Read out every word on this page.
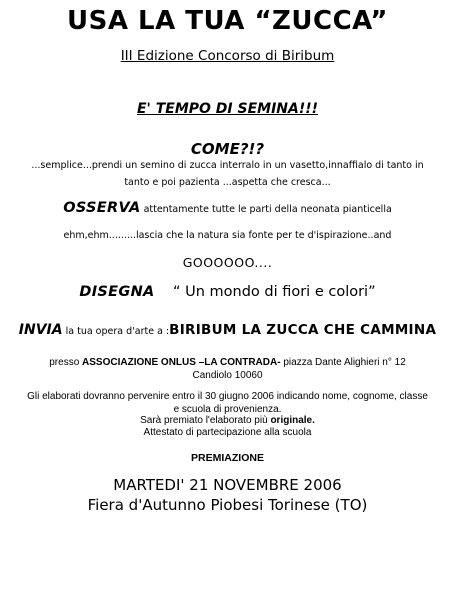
USA LA TUA “ZUCCA”
III Edizione Concorso di Biribum
E' TEMPO DI SEMINA!!!
COME?!?
...semplice...prendi un semino di zucca interralo in un vasetto,innaffialo di tanto in
tanto e poi pazienta ...aspetta che cresca...
OSSERVA attentamente tutte le parti della neonata pianticella
ehm,ehm.........lascia che la natura sia fonte per te d'ispirazione..and
GOOOOOO....
DISEGNA “ Un mondo di fiori e colori”
INVIA la tua opera d'arte a :BIRIBUM LA ZUCCA CHE CAMMINA
presso ASSOCIAZIONE ONLUS –LA CONTRADA- piazza Dante Alighieri n° 12
Candiolo 10060
Gli elaborati dovranno pervenire entro il 30 giugno 2006 indicando nome, cognome, classe
e scuola di provenienza.
Sarà premiato l'elaborato più originale.
Attestato di partecipazione alla scuola
PREMIAZIONE
MARTEDI' 21 NOVEMBRE 2006
Fiera d'Autunno Piobesi Torinese (TO)
